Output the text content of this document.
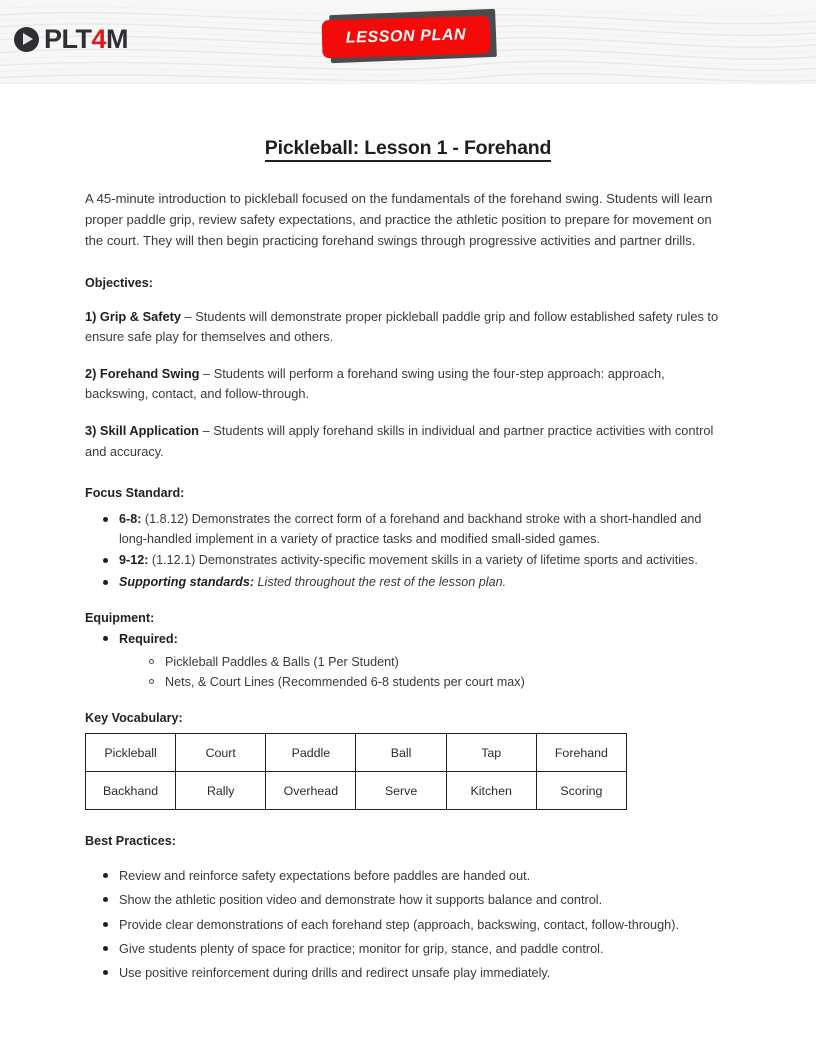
PLT4M	LESSON PLAN
Pickleball: Lesson 1 - Forehand

A 45-minute introduction to pickleball focused on the fundamentals of the forehand swing. Students will learn proper paddle grip, review safety expectations, and practice the athletic position to prepare for movement on the court. They will then begin practicing forehand swings through progressive activities and partner drills.

Objectives:

1) Grip & Safety – Students will demonstrate proper pickleball paddle grip and follow established safety rules to ensure safe play for themselves and others.

2) Forehand Swing – Students will perform a forehand swing using the four-step approach: approach, backswing, contact, and follow-through.

3) Skill Application – Students will apply forehand skills in individual and partner practice activities with control and accuracy.

Focus Standard:
6-8: (1.8.12) Demonstrates the correct form of a forehand and backhand stroke with a short-handled and long-handled implement in a variety of practice tasks and modified small-sided games.
9-12: (1.12.1) Demonstrates activity-specific movement skills in a variety of lifetime sports and activities.
Supporting standards: Listed throughout the rest of the lesson plan.
Equipment:
Required:
Pickleball Paddles & Balls (1 Per Student)
Nets, & Court Lines (Recommended 6-8 students per court max)
Key Vocabulary:
Pickleball	Court	Paddle	Ball	Tap	Forehand
Backhand	Rally	Overhead	Serve	Kitchen	Scoring
Best Practices:
Review and reinforce safety expectations before paddles are handed out.
Show the athletic position video and demonstrate how it supports balance and control.
Provide clear demonstrations of each forehand step (approach, backswing, contact, follow-through).
Give students plenty of space for practice; monitor for grip, stance, and paddle control.
Use positive reinforcement during drills and redirect unsafe play immediately.
